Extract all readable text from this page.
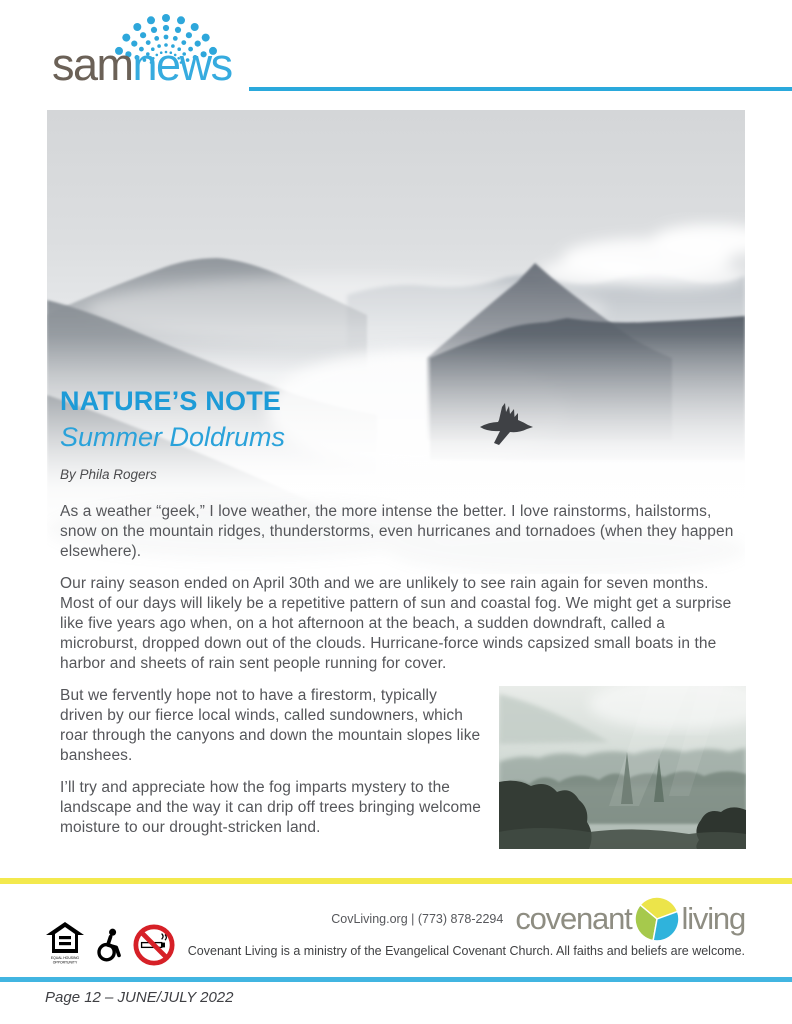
samnews
NATURE’S NOTE
Summer Doldrums
By Phila Rogers

As a weather “geek,” I love weather, the more intense the better. I love rainstorms, hailstorms, snow on the mountain ridges, thunderstorms, even hurricanes and tornadoes (when they happen elsewhere).

Our rainy season ended on April 30th and we are unlikely to see rain again for seven months. Most of our days will likely be a repetitive pattern of sun and coastal fog. We might get a surprise like five years ago when, on a hot afternoon at the beach, a sudden downdraft, called a microburst, dropped down out of the clouds. Hurricane-force winds capsized small boats in the harbor and sheets of rain sent people running for cover.

But we fervently hope not to have a firestorm, typically driven by our fierce local winds, called sundowners, which roar through the canyons and down the mountain slopes like banshees.

I’ll try and appreciate how the fog imparts mystery to the landscape and the way it can drip off trees bringing welcome moisture to our drought-stricken land.

EQUAL HOUSING
OPPORTUNITY
CovLiving.org | (773) 878-2294 covenant living
Covenant Living is a ministry of the Evangelical Covenant Church. All faiths and beliefs are welcome.
Page 12 – JUNE/JULY 2022
